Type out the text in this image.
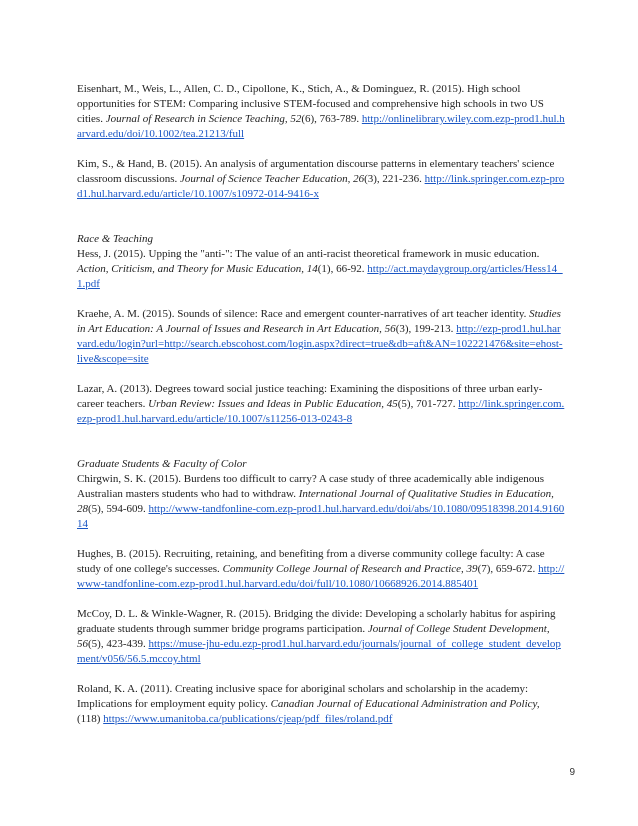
Eisenhart, M., Weis, L., Allen, C. D., Cipollone, K., Stich, A., & Dominguez, R. (2015). High school opportunities for STEM: Comparing inclusive STEM-focused and comprehensive high schools in two US cities. Journal of Research in Science Teaching, 52(6), 763-789. http://onlinelibrary.wiley.com.ezp-prod1.hul.harvard.edu/doi/10.1002/tea.21213/full

Kim, S., & Hand, B. (2015). An analysis of argumentation discourse patterns in elementary teachers' science classroom discussions. Journal of Science Teacher Education, 26(3), 221-236. http://link.springer.com.ezp-prod1.hul.harvard.edu/article/10.1007/s10972-014-9416-x

Race & Teaching

Hess, J. (2015). Upping the "anti-": The value of an anti-racist theoretical framework in music education. Action, Criticism, and Theory for Music Education, 14(1), 66-92. http://act.maydaygroup.org/articles/Hess14_1.pdf

Kraehe, A. M. (2015). Sounds of silence: Race and emergent counter-narratives of art teacher identity. Studies in Art Education: A Journal of Issues and Research in Art Education, 56(3), 199-213. http://ezp-prod1.hul.harvard.edu/login?url=http://search.ebscohost.com/login.aspx?direct=true&db=aft&AN=102221476&site=ehost-live&scope=site

Lazar, A. (2013). Degrees toward social justice teaching: Examining the dispositions of three urban early-career teachers. Urban Review: Issues and Ideas in Public Education, 45(5), 701-727. http://link.springer.com.ezp-prod1.hul.harvard.edu/article/10.1007/s11256-013-0243-8

Graduate Students & Faculty of Color

Chirgwin, S. K. (2015). Burdens too difficult to carry? A case study of three academically able indigenous Australian masters students who had to withdraw. International Journal of Qualitative Studies in Education, 28(5), 594-609. http://www-tandfonline-com.ezp-prod1.hul.harvard.edu/doi/abs/10.1080/09518398.2014.916014

Hughes, B. (2015). Recruiting, retaining, and benefiting from a diverse community college faculty: A case study of one college's successes. Community College Journal of Research and Practice, 39(7), 659-672. http://www-tandfonline-com.ezp-prod1.hul.harvard.edu/doi/full/10.1080/10668926.2014.885401

McCoy, D. L. & Winkle-Wagner, R. (2015). Bridging the divide: Developing a scholarly habitus for aspiring graduate students through summer bridge programs participation. Journal of College Student Development, 56(5), 423-439. https://muse-jhu-edu.ezp-prod1.hul.harvard.edu/journals/journal_of_college_student_development/v056/56.5.mccoy.html

Roland, K. A. (2011). Creating inclusive space for aboriginal scholars and scholarship in the academy: Implications for employment equity policy. Canadian Journal of Educational Administration and Policy, (118) https://www.umanitoba.ca/publications/cjeap/pdf_files/roland.pdf

9
